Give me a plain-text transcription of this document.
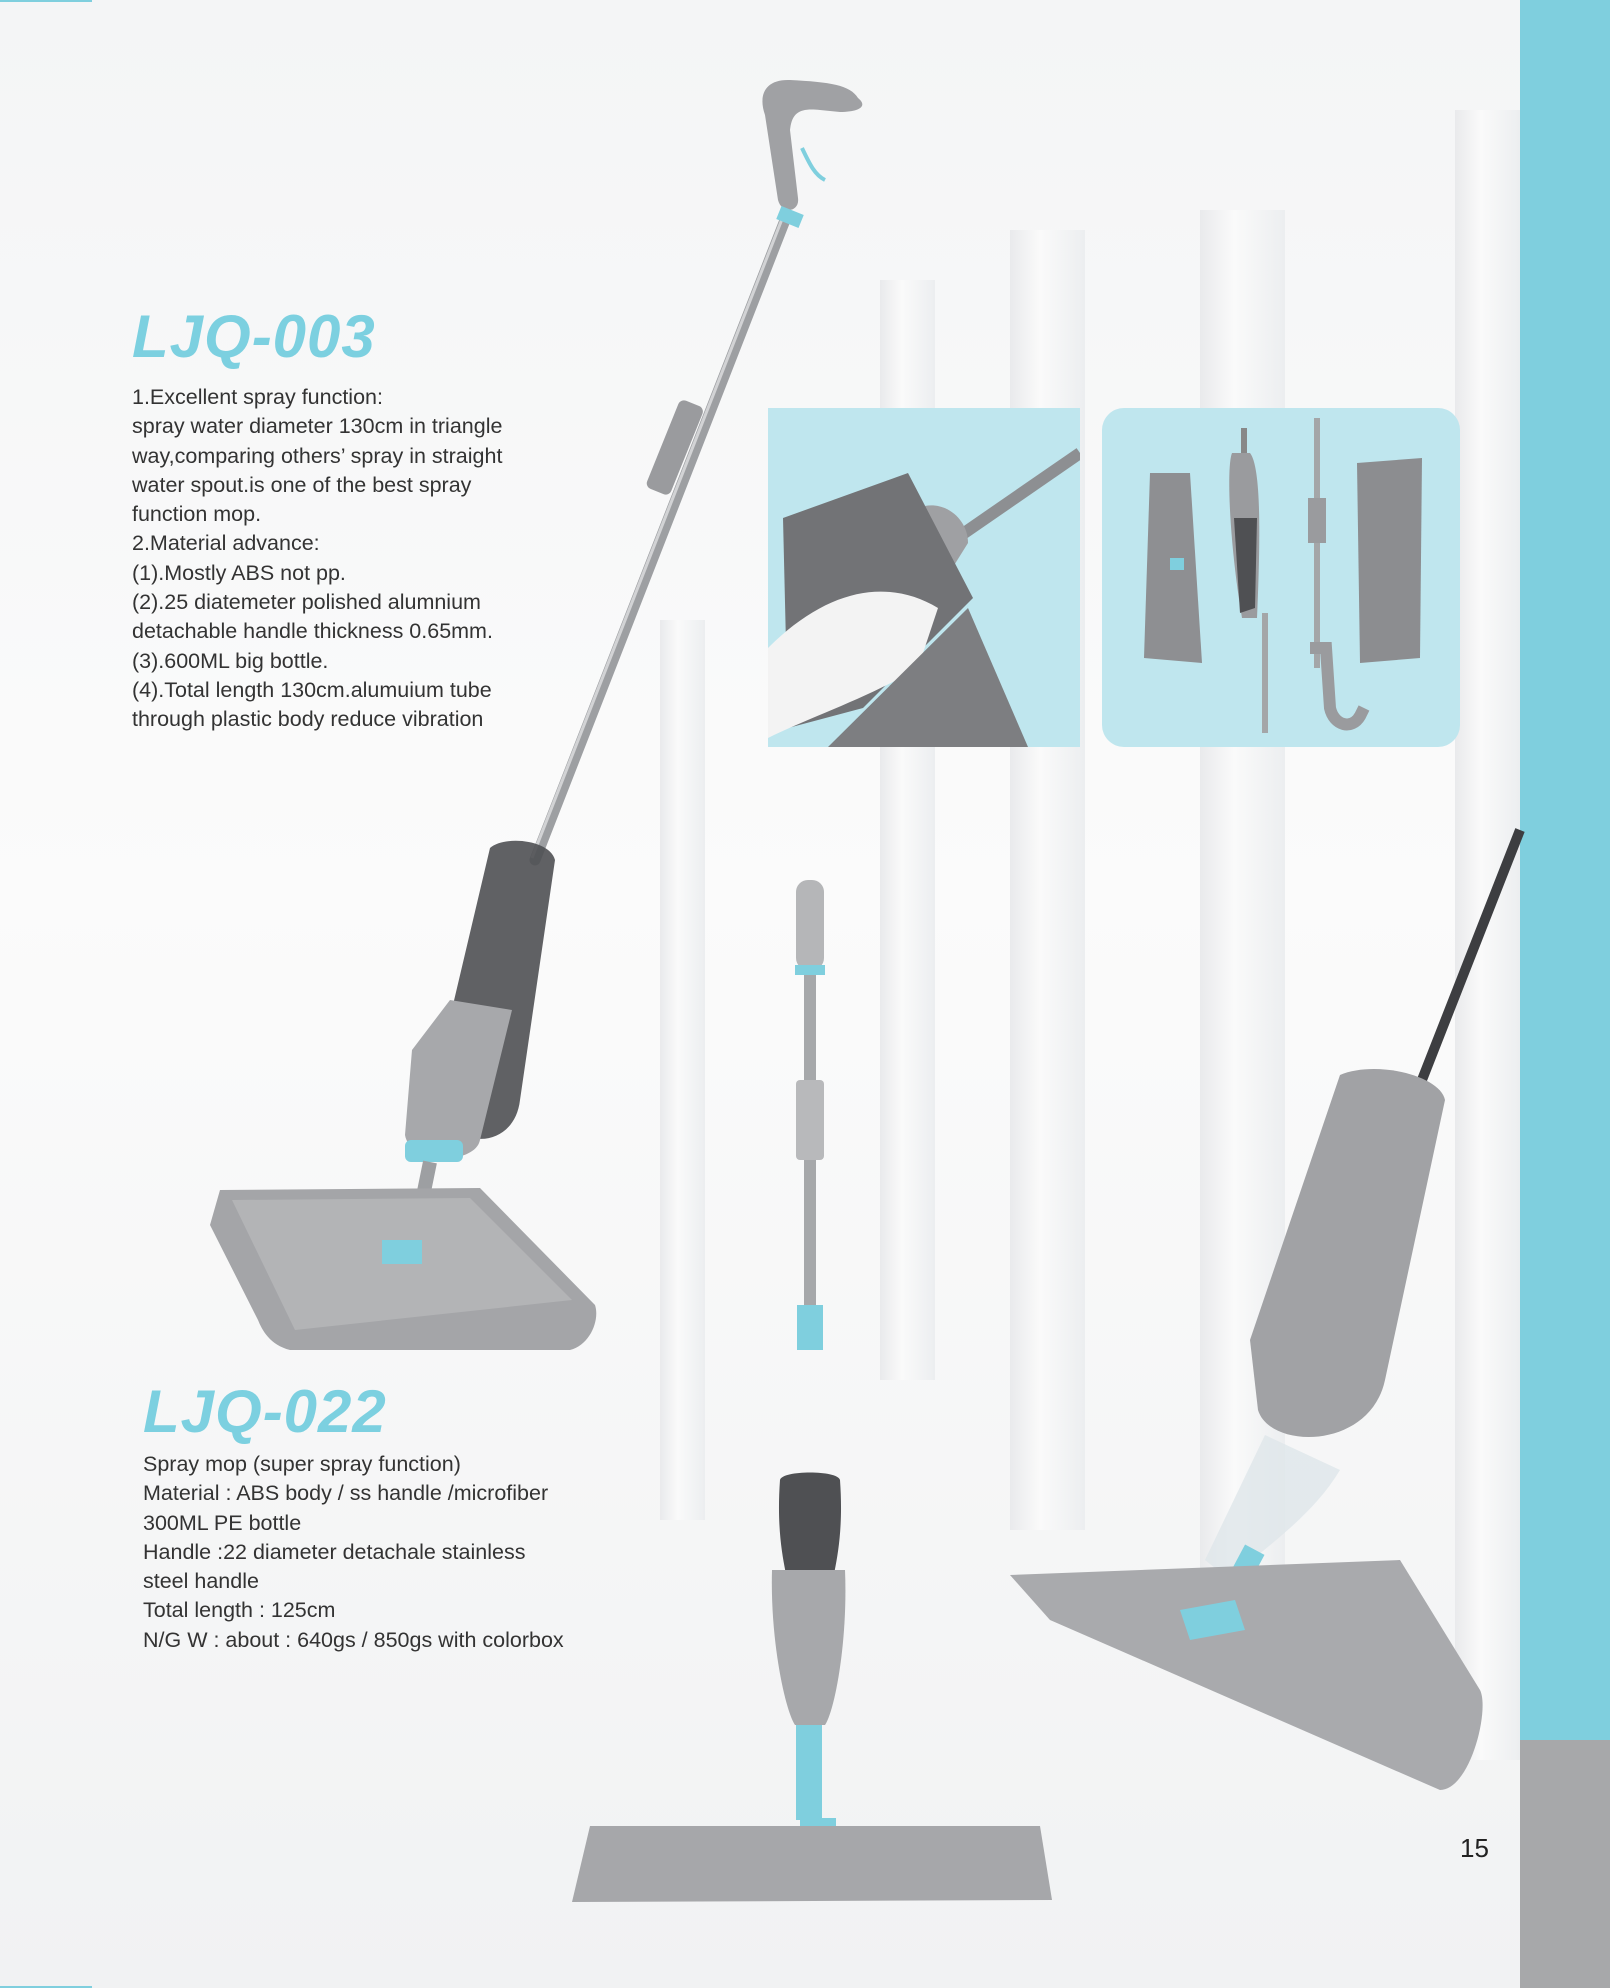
LJQ-003
1.Excellent spray function:
spray water diameter 130cm in triangle
way,comparing others’ spray in straight
water spout.is one of the best spray
function mop.
2.Material advance:
(1).Mostly ABS not pp.
(2).25 diatemeter polished alumnium
detachable handle thickness 0.65mm.
(3).600ML big bottle.
(4).Total length 130cm.alumuium tube
through plastic body reduce vibration
LJQ-022
Spray mop (super spray function)
Material : ABS body / ss handle /microfiber
300ML PE bottle
Handle :22 diameter detachale stainless
steel handle
Total length : 125cm
N/G W : about : 640gs / 850gs with colorbox
15
